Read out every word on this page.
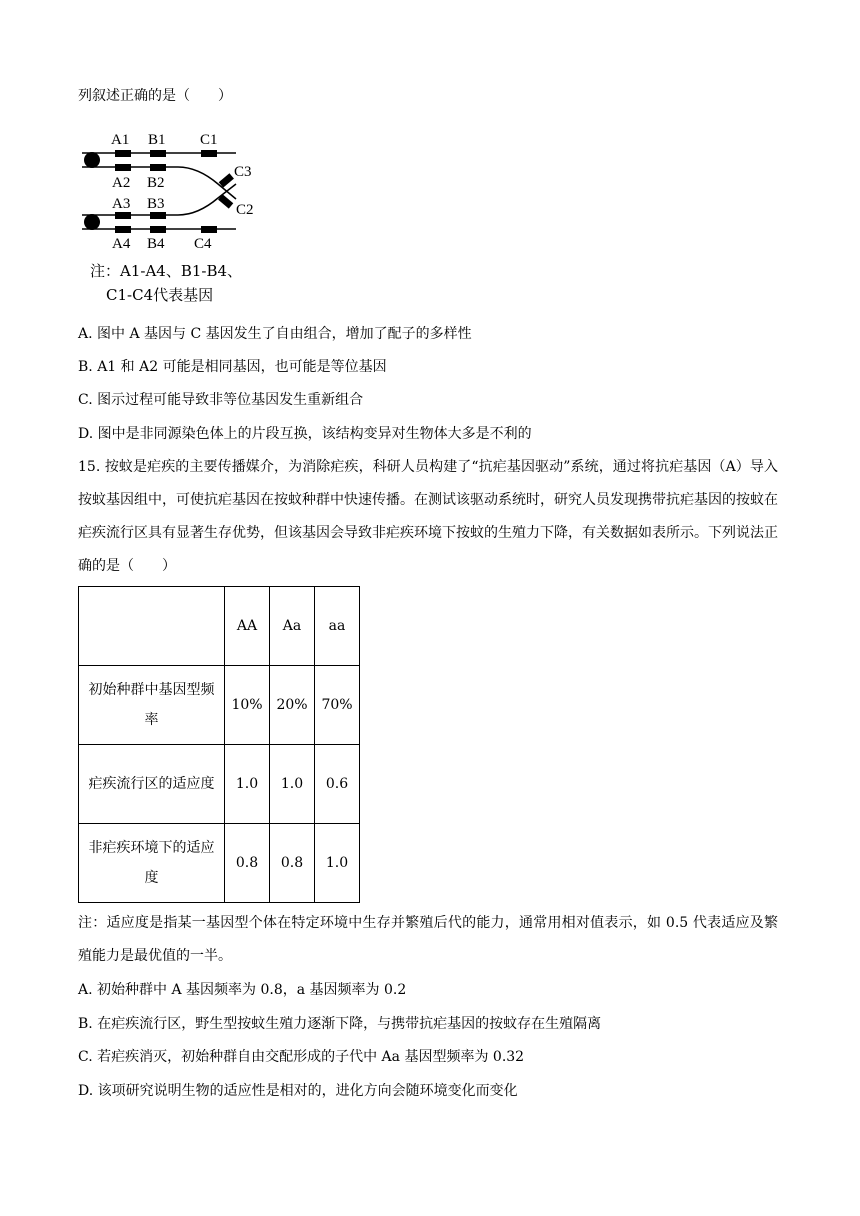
列叙述正确的是（　　）
A1 B1 C1
A2 B2
C3
A3 B3	C2
A4 B4 C4
注：A1-A4、B1-B4、
C1-C4代表基因
A. 图中 A 基因与 C 基因发生了自由组合，增加了配子的多样性
B. A1 和 A2 可能是相同基因，也可能是等位基因
C. 图示过程可能导致非等位基因发生重新组合
D. 图中是非同源染色体上的片段互换，该结构变异对生物体大多是不利的

15. 按蚊是疟疾的主要传播媒介，为消除疟疾，科研人员构建了“抗疟基因驱动”系统，通过将抗疟基因（A）导入按蚊基因组中，可使抗疟基因在按蚊种群中快速传播。在测试该驱动系统时，研究人员发现携带抗疟基因的按蚊在疟疾流行区具有显著生存优势，但该基因会导致非疟疾环境下按蚊的生殖力下降，有关数据如表所示。下列说法正确的是（　　）

	AA	Aa	aa
初始种群中基因型频率	10%	20%	70%
疟疾流行区的适应度	1.0	1.0	0.6
非疟疾环境下的适应度	0.8	0.8	1.0

注：适应度是指某一基因型个体在特定环境中生存并繁殖后代的能力，通常用相对值表示，如 0.5 代表适应及繁殖能力是最优值的一半。

A. 初始种群中 A 基因频率为 0.8，a 基因频率为 0.2
B. 在疟疾流行区，野生型按蚊生殖力逐渐下降，与携带抗疟基因的按蚊存在生殖隔离
C. 若疟疾消灭，初始种群自由交配形成的子代中 Aa 基因型频率为 0.32
D. 该项研究说明生物的适应性是相对的，进化方向会随环境变化而变化
